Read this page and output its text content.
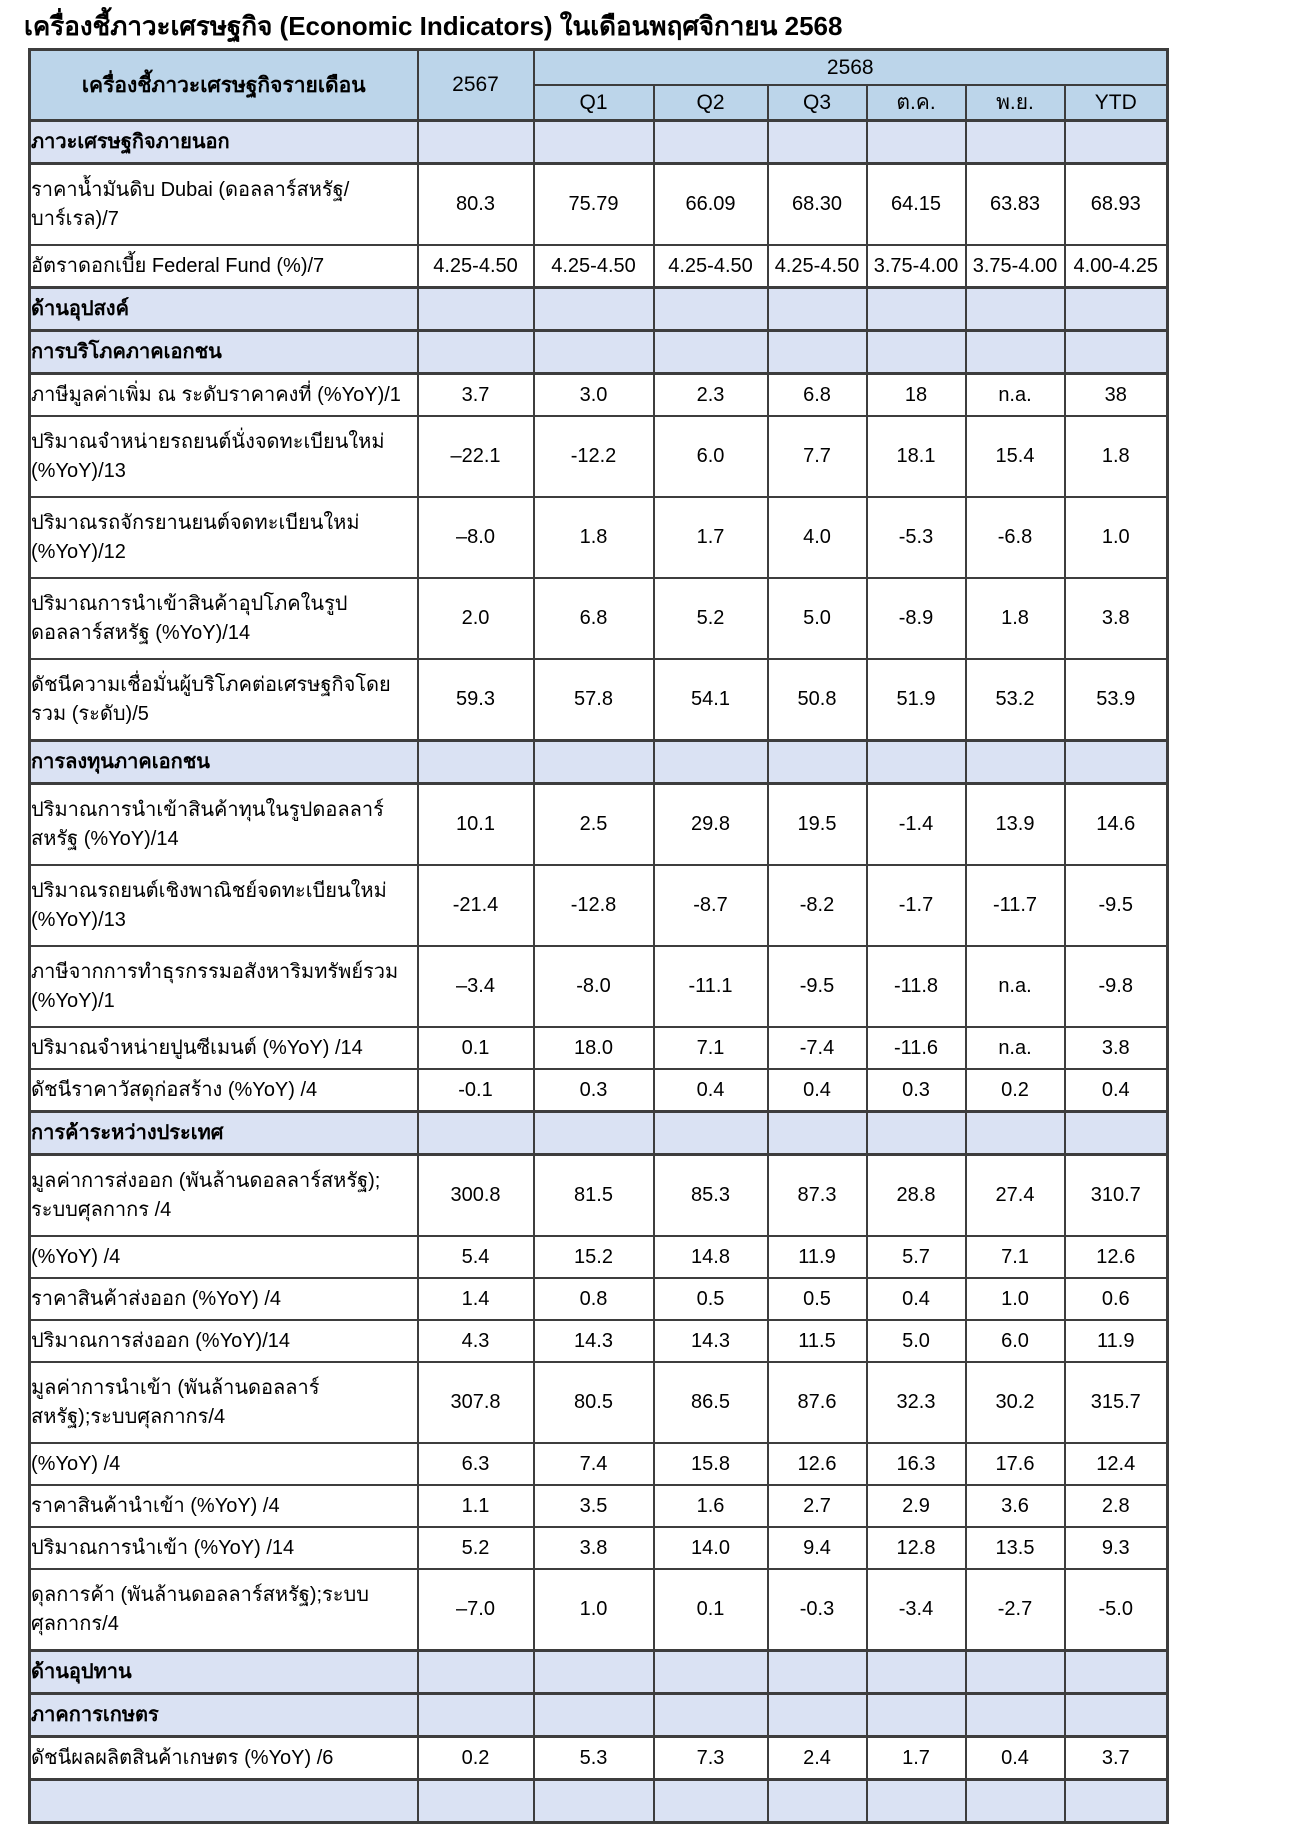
เครื่องชี้ภาวะเศรษฐกิจ (Economic Indicators) ในเดือนพฤศจิกายน 2568
เครื่องชี้ภาวะเศรษฐกิจรายเดือน	2567	2568					
		Q1	Q2	Q3	ต.ค.	พ.ย.	YTD
ภาวะเศรษฐกิจภายนอก							
ราคาน้ำมันดิบ Dubai (ดอลลาร์สหรัฐ/บาร์เรล)/7	80.3	75.79	66.09	68.30	64.15	63.83	68.93
อัตราดอกเบี้ย Federal Fund (%)/7	4.25-4.50	4.25-4.50	4.25-4.50	4.25-4.50	3.75-4.00	3.75-4.00	4.00-4.25
ด้านอุปสงค์							
การบริโภคภาคเอกชน							
ภาษีมูลค่าเพิ่ม ณ ระดับราคาคงที่ (%YoY)/1	3.7	3.0	2.3	6.8	18	n.a.	38
ปริมาณจำหน่ายรถยนต์นั่งจดทะเบียนใหม่ (%YoY)/13	–22.1	-12.2	6.0	7.7	18.1	15.4	1.8
ปริมาณรถจักรยานยนต์จดทะเบียนใหม่ (%YoY)/12	–8.0	1.8	1.7	4.0	-5.3	-6.8	1.0
ปริมาณการนำเข้าสินค้าอุปโภคในรูปดอลลาร์สหรัฐ (%YoY)/14	2.0	6.8	5.2	5.0	-8.9	1.8	3.8
ดัชนีความเชื่อมั่นผู้บริโภคต่อเศรษฐกิจโดยรวม (ระดับ)/5	59.3	57.8	54.1	50.8	51.9	53.2	53.9
การลงทุนภาคเอกชน							
ปริมาณการนำเข้าสินค้าทุนในรูปดอลลาร์สหรัฐ (%YoY)/14	10.1	2.5	29.8	19.5	-1.4	13.9	14.6
ปริมาณรถยนต์เชิงพาณิชย์จดทะเบียนใหม่ (%YoY)/13	-21.4	-12.8	-8.7	-8.2	-1.7	-11.7	-9.5
ภาษีจากการทำธุรกรรมอสังหาริมทรัพย์รวม (%YoY)/1	–3.4	-8.0	-11.1	-9.5	-11.8	n.a.	-9.8
ปริมาณจำหน่ายปูนซีเมนต์ (%YoY) /14	0.1	18.0	7.1	-7.4	-11.6	n.a.	3.8
ดัชนีราคาวัสดุก่อสร้าง (%YoY) /4	-0.1	0.3	0.4	0.4	0.3	0.2	0.4
การค้าระหว่างประเทศ							
มูลค่าการส่งออก (พันล้านดอลลาร์สหรัฐ); ระบบศุลกากร /4	300.8	81.5	85.3	87.3	28.8	27.4	310.7
(%YoY) /4	5.4	15.2	14.8	11.9	5.7	7.1	12.6
ราคาสินค้าส่งออก (%YoY) /4	1.4	0.8	0.5	0.5	0.4	1.0	0.6
ปริมาณการส่งออก (%YoY)/14	4.3	14.3	14.3	11.5	5.0	6.0	11.9
มูลค่าการนำเข้า (พันล้านดอลลาร์สหรัฐ);ระบบศุลกากร/4	307.8	80.5	86.5	87.6	32.3	30.2	315.7
(%YoY) /4	6.3	7.4	15.8	12.6	16.3	17.6	12.4
ราคาสินค้านำเข้า (%YoY) /4	1.1	3.5	1.6	2.7	2.9	3.6	2.8
ปริมาณการนำเข้า (%YoY) /14	5.2	3.8	14.0	9.4	12.8	13.5	9.3
ดุลการค้า (พันล้านดอลลาร์สหรัฐ);ระบบศุลกากร/4	–7.0	1.0	0.1	-0.3	-3.4	-2.7	-5.0
ด้านอุปทาน							
ภาคการเกษตร							
ดัชนีผลผลิตสินค้าเกษตร (%YoY) /6	0.2	5.3	7.3	2.4	1.7	0.4	3.7
